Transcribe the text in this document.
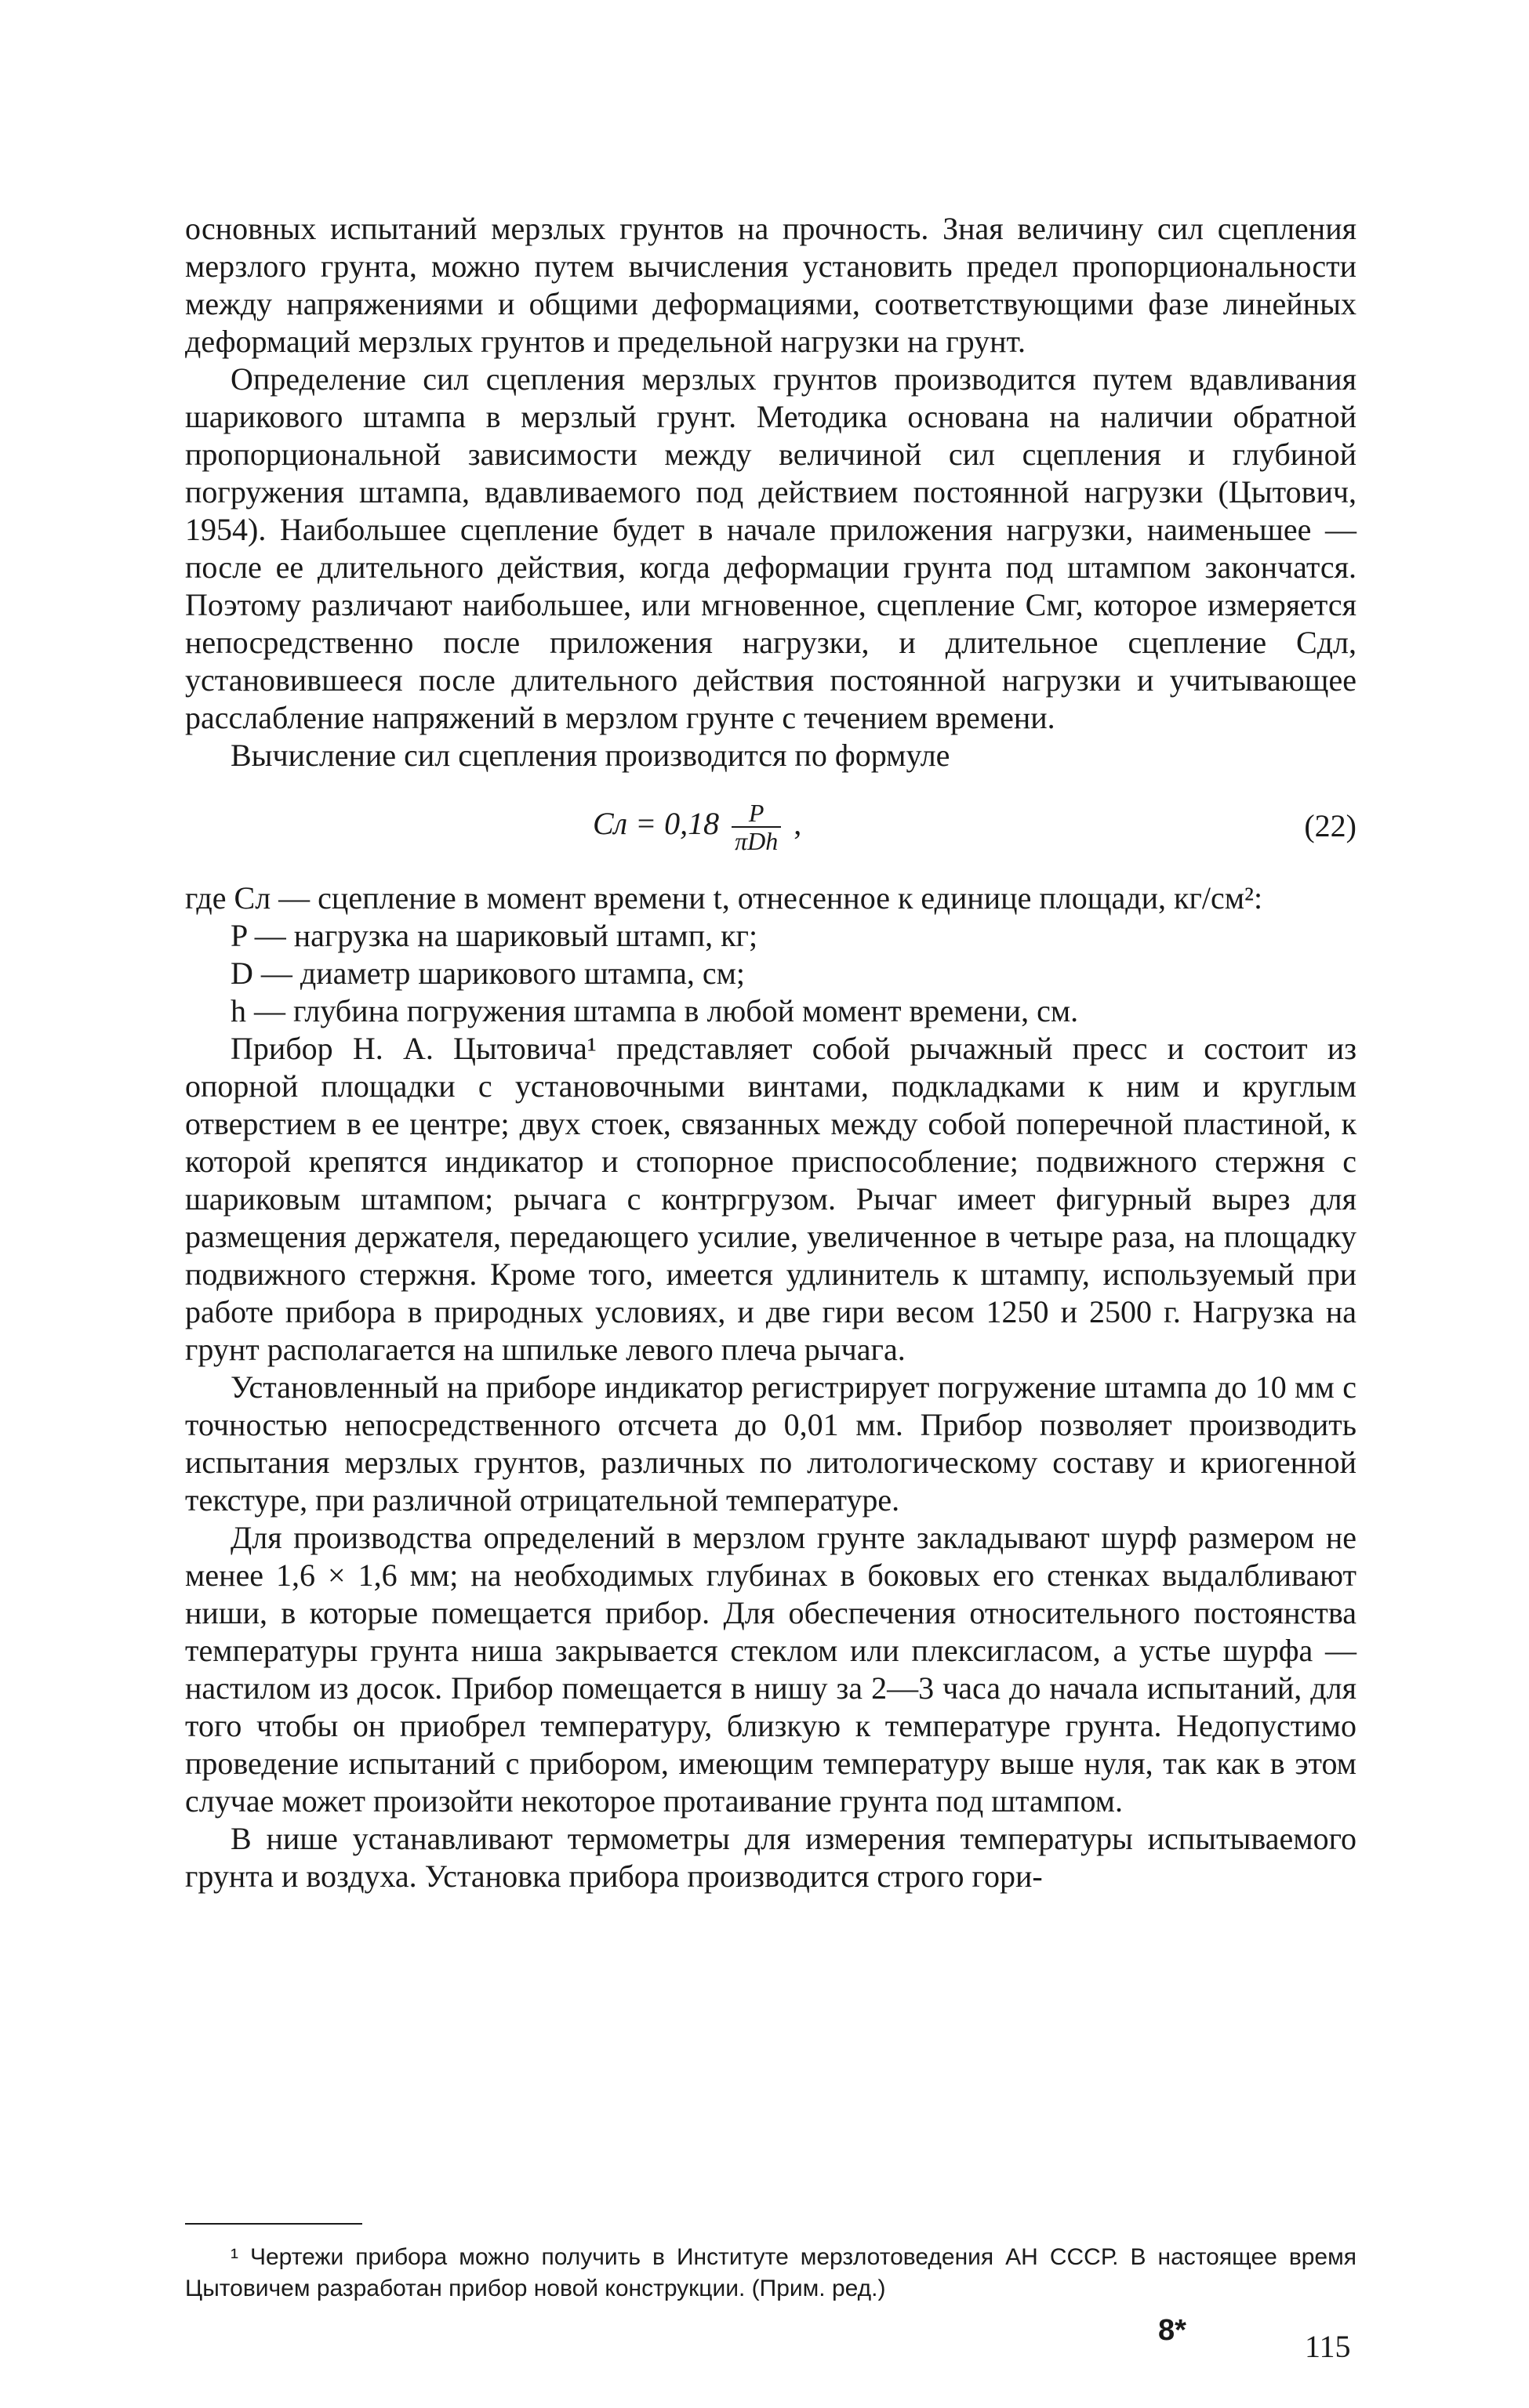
основных испытаний мерзлых грунтов на прочность. Зная величину сил сцепления мерзлого грунта, можно путем вычисления установить предел пропорциональности между напряжениями и общими деформациями, соответствующими фазе линейных деформаций мерзлых грунтов и предельной нагрузки на грунт.

Определение сил сцепления мерзлых грунтов производится путем вдавливания шарикового штампа в мерзлый грунт. Методика основана на наличии обратной пропорциональной зависимости между величиной сил сцепления и глубиной погружения штампа, вдавливаемого под действием постоянной нагрузки (Цытович, 1954). Наибольшее сцепление будет в начале приложения нагрузки, наименьшее — после ее длительного действия, когда деформации грунта под штампом закончатся. Поэтому различают наибольшее, или мгновенное, сцепление Cмг, которое измеряется непосредственно после приложения нагрузки, и длительное сцепление Cдл, установившееся после длительного действия постоянной нагрузки и учитывающее расслабление напряжений в мерзлом грунте с течением времени.

Вычисление сил сцепления производится по формуле

Cл = $0,18 \frac{P}{\text{πDh}}$ ,	(22)

где Cл — сцепление в момент времени t, отнесенное к единице площади, кг/см²:

P — нагрузка на шариковый штамп, кг;

D — диаметр шарикового штампа, см;

h — глубина погружения штампа в любой момент времени, см.

Прибор Н. А. Цытовича¹ представляет собой рычажный пресс и состоит из опорной площадки с установочными винтами, подкладками к ним и круглым отверстием в ее центре; двух стоек, связанных между собой поперечной пластиной, к которой крепятся индикатор и стопорное приспособление; подвижного стержня с шариковым штампом; рычага с контргрузом. Рычаг имеет фигурный вырез для размещения держателя, передающего усилие, увеличенное в четыре раза, на площадку подвижного стержня. Кроме того, имеется удлинитель к штампу, используемый при работе прибора в природных условиях, и две гири весом 1250 и 2500 г. Нагрузка на грунт располагается на шпильке левого плеча рычага.

Установленный на приборе индикатор регистрирует погружение штампа до 10 мм с точностью непосредственного отсчета до 0,01 мм. Прибор позволяет производить испытания мерзлых грунтов, различных по литологическому составу и криогенной текстуре, при различной отрицательной температуре.

Для производства определений в мерзлом грунте закладывают шурф размером не менее 1,6 × 1,6 мм; на необходимых глубинах в боковых его стенках выдалбливают ниши, в которые помещается прибор. Для обеспечения относительного постоянства температуры грунта ниша закрывается стеклом или плексигласом, а устье шурфа — настилом из досок. Прибор помещается в нишу за 2—3 часа до начала испытаний, для того чтобы он приобрел температуру, близкую к температуре грунта. Недопустимо проведение испытаний с прибором, имеющим температуру выше нуля, так как в этом случае может произойти некоторое протаивание грунта под штампом.

В нише устанавливают термометры для измерения температуры испытываемого грунта и воздуха. Установка прибора производится строго гори-

¹ Чертежи прибора можно получить в Институте мерзлотоведения АН СССР. В настоящее время Цытовичем разработан прибор новой конструкции. (Прим. ред.)

8*	115
